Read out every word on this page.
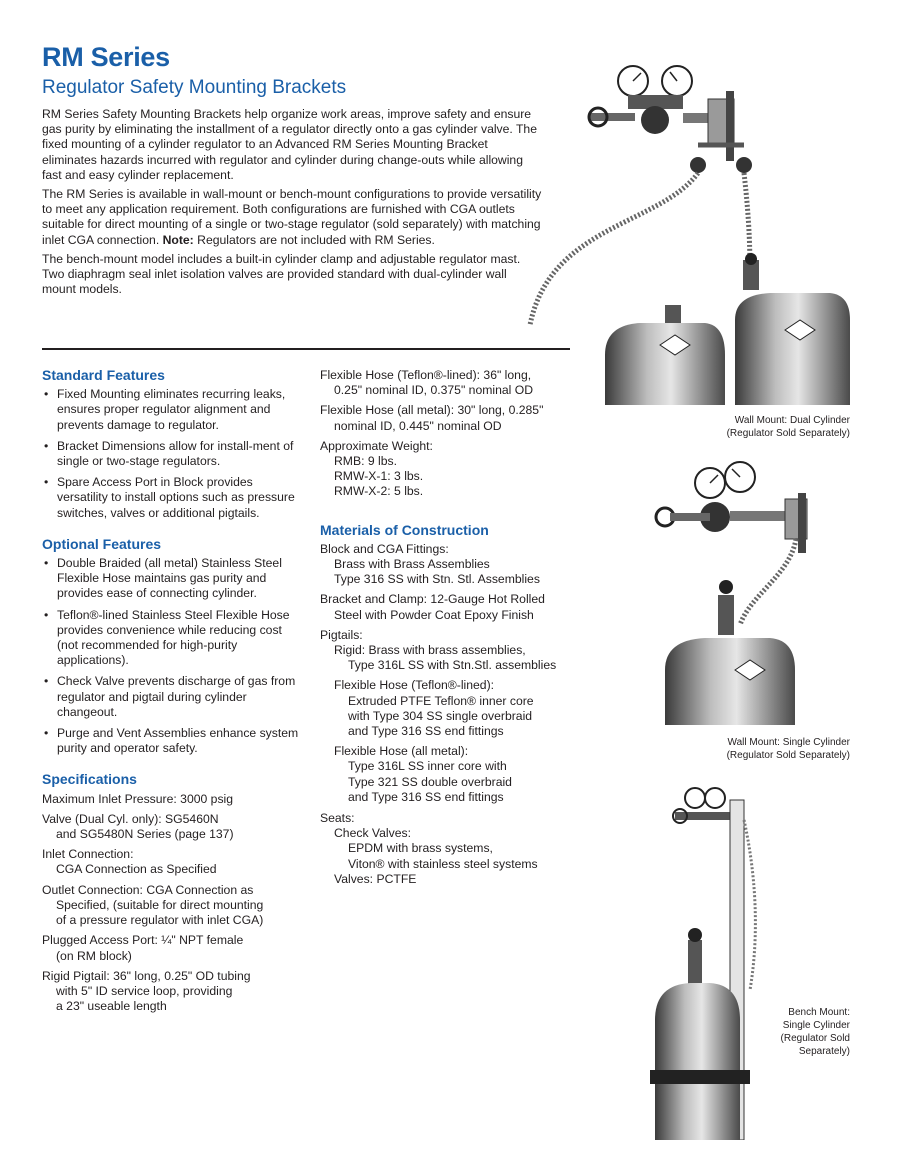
RM Series
Regulator Safety Mounting Brackets

RM Series Safety Mounting Brackets help organize work areas, improve safety and ensure gas purity by eliminating the installment of a regulator directly onto a gas cylinder valve. The fixed mounting of a cylinder regulator to an Advanced RM Series Mounting Bracket eliminates hazards incurred with regulator and cylinder during change-outs while allowing fast and easy cylinder replacement.

The RM Series is available in wall-mount or bench-mount configurations to provide versatility to meet any application requirement. Both configurations are furnished with CGA outlets suitable for direct mounting of a single or two-stage regulator (sold separately) with matching inlet CGA connection. Note: Regulators are not included with RM Series.

The bench-mount model includes a built-in cylinder clamp and adjustable regulator mast. Two diaphragm seal inlet isolation valves are provided standard with dual-cylinder wall mount models.

Standard Features
• Fixed Mounting eliminates recurring leaks, ensures proper regulator alignment and prevents damage to regulator.
• Bracket Dimensions allow for install-ment of single or two-stage regulators.
• Spare Access Port in Block provides versatility to install options such as pressure switches, valves or additional pigtails.
Optional Features
• Double Braided (all metal) Stainless Steel Flexible Hose maintains gas purity and provides ease of connecting cylinder.
• Teflon®-lined Stainless Steel Flexible Hose provides convenience while reducing cost (not recommended for high-purity applications).
• Check Valve prevents discharge of gas from regulator and pigtail during cylinder changeout.
• Purge and Vent Assemblies enhance system purity and operator safety.
Specifications
Maximum Inlet Pressure: 3000 psig
Valve (Dual Cyl. only): SG5460N
and SG5480N Series (page 137)
Inlet Connection:
CGA Connection as Specified
Outlet Connection: CGA Connection as
Specified, (suitable for direct mounting
of a pressure regulator with inlet CGA)
Plugged Access Port: ¼" NPT female
(on RM block)
Rigid Pigtail: 36" long, 0.25" OD tubing
with 5" ID service loop, providing
a 23" useable length
Flexible Hose (Teflon®-lined): 36" long,
0.25" nominal ID, 0.375" nominal OD
Flexible Hose (all metal): 30" long, 0.285"
nominal ID, 0.445" nominal OD
Approximate Weight:
RMB: 9 lbs.
RMW-X-1: 3 lbs.
RMW-X-2: 5 lbs.
Materials of Construction
Block and CGA Fittings:
Brass with Brass Assemblies
Type 316 SS with Stn. Stl. Assemblies
Bracket and Clamp: 12-Gauge Hot Rolled
Steel with Powder Coat Epoxy Finish
Pigtails:
Rigid: Brass with brass assemblies,
Type 316L SS with Stn.Stl. assemblies
Flexible Hose (Teflon®-lined):
Extruded PTFE Teflon® inner core
with Type 304 SS single overbraid
and Type 316 SS end fittings
Flexible Hose (all metal):
Type 316L SS inner core with
Type 321 SS double overbraid
and Type 316 SS end fittings
Seats:
Check Valves:
EPDM with brass systems,
Viton® with stainless steel systems
Valves: PCTFE
Wall Mount: Dual Cylinder
(Regulator Sold Separately)
Wall Mount: Single Cylinder
(Regulator Sold Separately)
Bench Mount:
Single Cylinder
(Regulator Sold
Separately)
